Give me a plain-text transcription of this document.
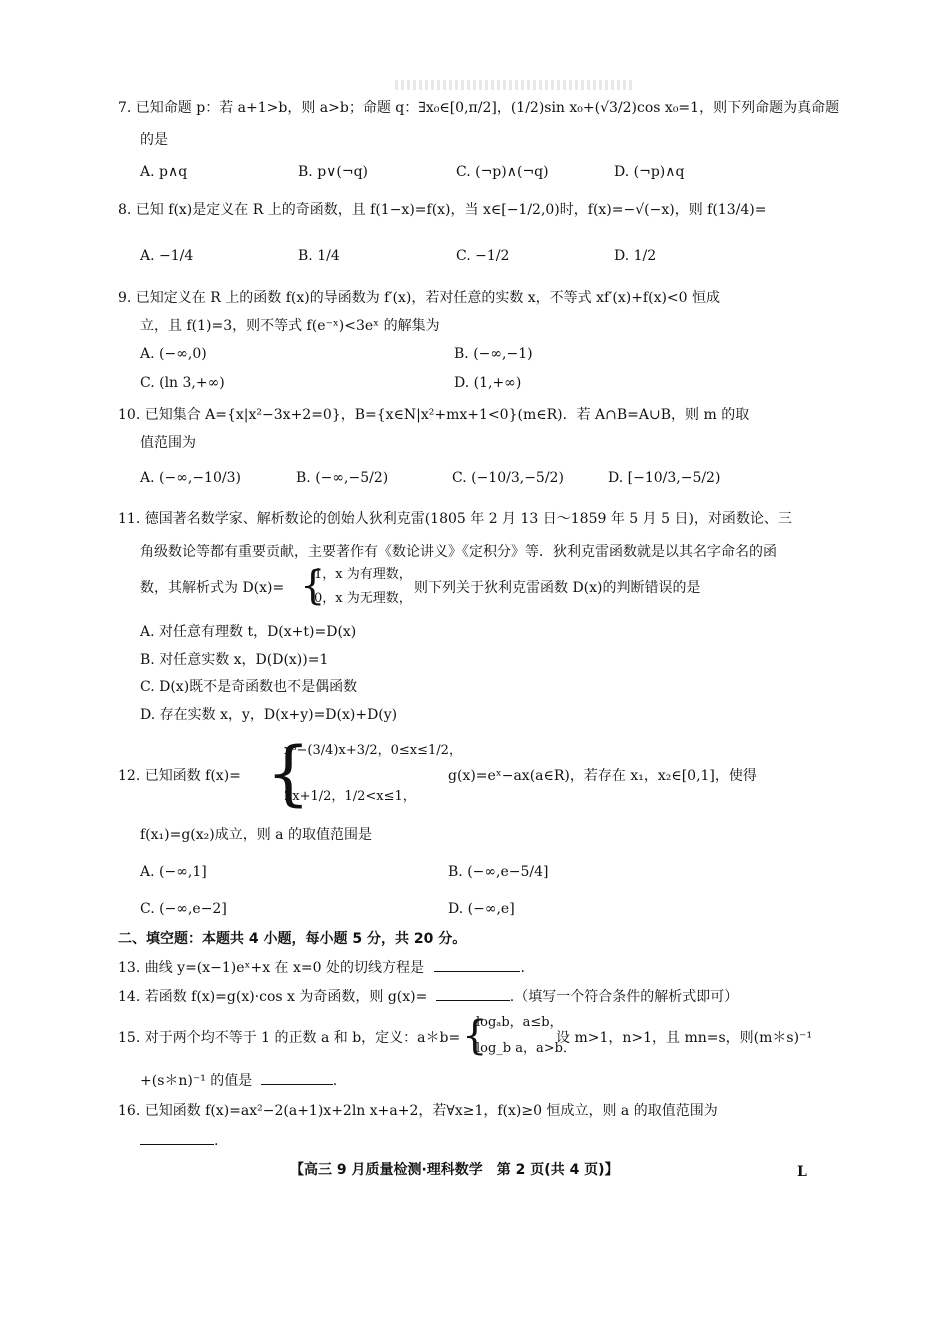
7. 已知命题 p：若 a+1>b，则 a>b；命题 q：∃x₀∈[0,π/2]，(1/2)sin x₀+(√3/2)cos x₀=1，则下列命题为真命题
的是
A. p∧q	B. p∨(¬q)	C. (¬p)∧(¬q)	D. (¬p)∧q
8. 已知 f(x)是定义在 R 上的奇函数，且 f(1−x)=f(x)，当 x∈[−1/2,0)时，f(x)=−√(−x)，则 f(13/4)=
A. −1/4	B. 1/4	C. −1/2	D. 1/2
9. 已知定义在 R 上的函数 f(x)的导函数为 f′(x)，若对任意的实数 x，不等式 xf′(x)+f(x)<0 恒成
立，且 f(1)=3，则不等式 f(e⁻ˣ)<3eˣ 的解集为
A. (−∞,0)	B. (−∞,−1)
C. (ln 3,+∞)	D. (1,+∞)
10. 已知集合 A={x|x²−3x+2=0}，B={x∈N|x²+mx+1<0}(m∈R)．若 A∩B=A∪B，则 m 的取
值范围为
A. (−∞,−10/3)	B. (−∞,−5/2)	C. (−10/3,−5/2)	D. [−10/3,−5/2)
11. 德国著名数学家、解析数论的创始人狄利克雷(1805 年 2 月 13 日～1859 年 5 月 5 日)，对函数论、三
角级数论等都有重要贡献，主要著作有《数论讲义》《定积分》等．狄利克雷函数就是以其名字命名的函
数，其解析式为 D(x)= {
1，x 为有理数，
0，x 为无理数，
则下列关于狄利克雷函数 D(x)的判断错误的是
A. 对任意有理数 t，D(x+t)=D(x)
B. 对任意实数 x，D(D(x))=1
C. D(x)既不是奇函数也不是偶函数
D. 存在实数 x，y，D(x+y)=D(x)+D(y)
12. 已知函数 f(x)= {
x³−(3/4)x+3/2，0≤x≤1/2，
2x+1/2，1/2<x≤1，
g(x)=eˣ−ax(a∈R)，若存在 x₁，x₂∈[0,1]，使得
f(x₁)=g(x₂)成立，则 a 的取值范围是
A. (−∞,1]	B. (−∞,e−5/4]
C. (−∞,e−2]	D. (−∞,e]
二、填空题：本题共 4 小题，每小题 5 分，共 20 分。
13. 曲线 y=(x−1)eˣ+x 在 x=0 处的切线方程是	.
14. 若函数 f(x)=g(x)·cos x 为奇函数，则 g(x)=	.（填写一个符合条件的解析式即可）
15. 对于两个均不等于 1 的正数 a 和 b，定义：a＊b= {
logₐb，a≤b，
log_b a，a>b．
设 m>1，n>1，且 mn=s，则(m＊s)⁻¹
+(s＊n)⁻¹ 的值是	.
16. 已知函数 f(x)=ax²−2(a+1)x+2ln x+a+2，若∀x≥1，f(x)≥0 恒成立，则 a 的取值范围为
.
【高三 9 月质量检测·理科数学　第 2 页(共 4 页)】	L
